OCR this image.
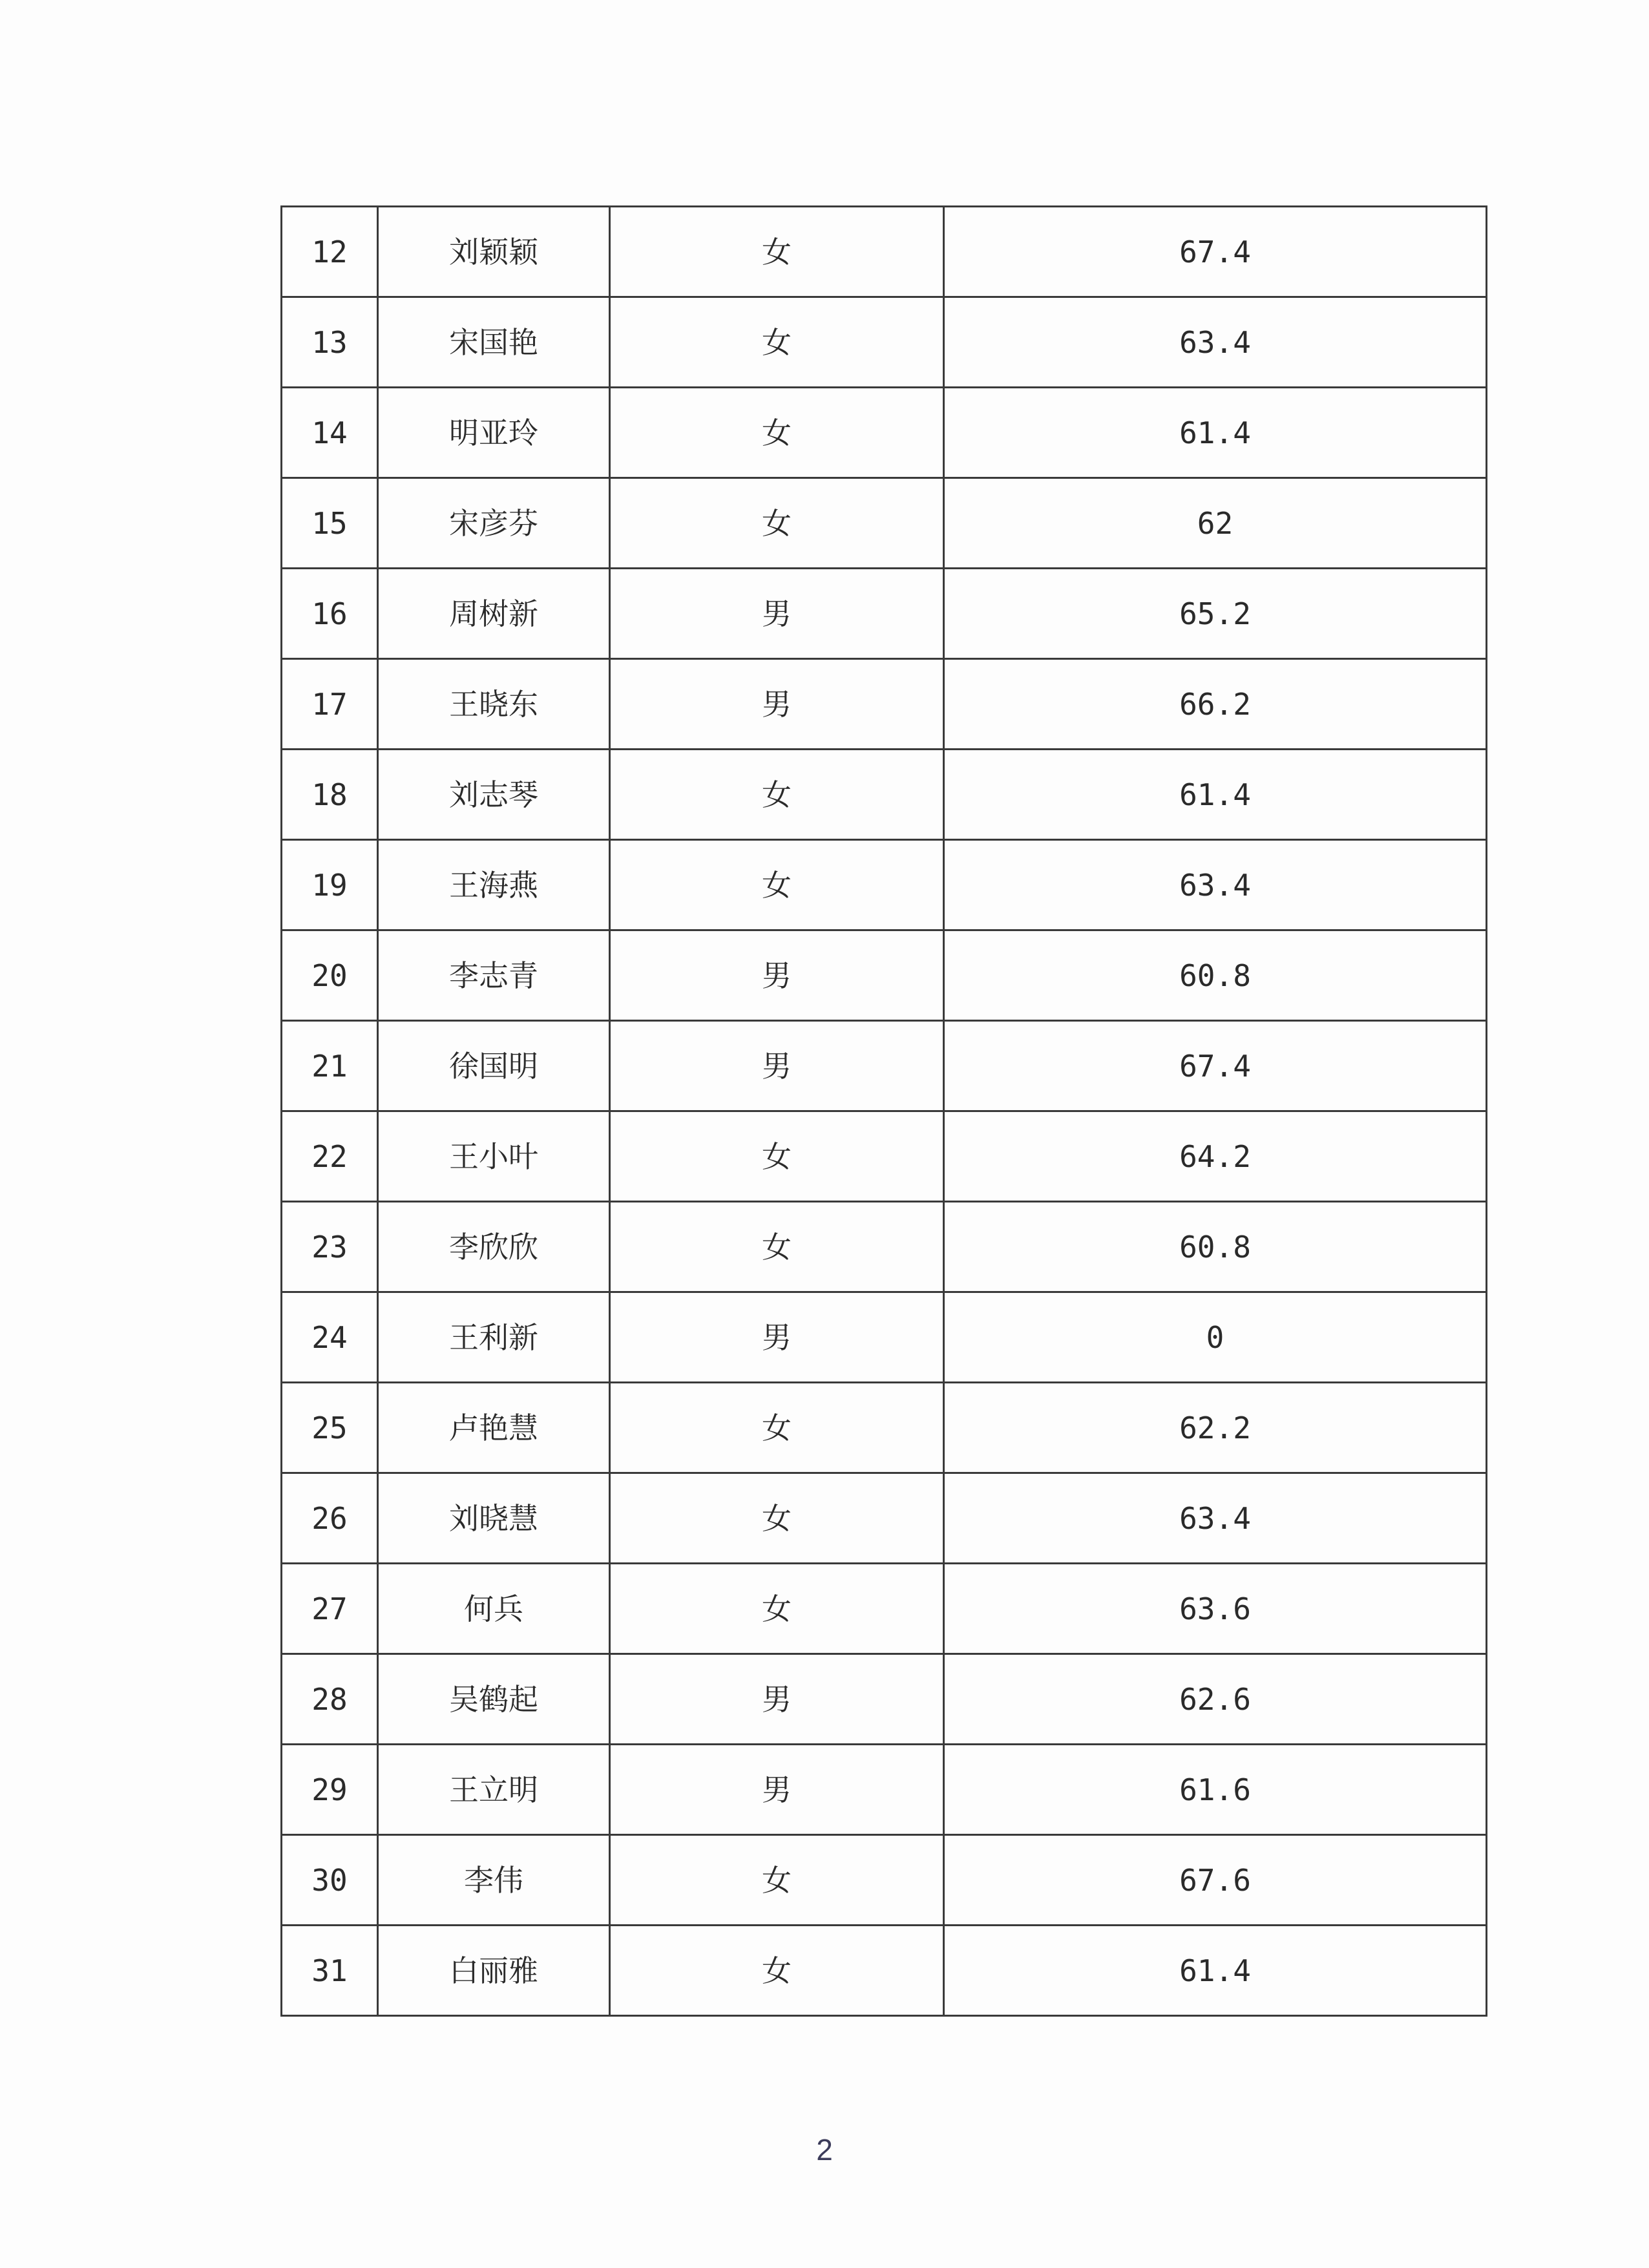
12	刘颖颖	女	67.4
13	宋国艳	女	63.4
14	明亚玲	女	61.4
15	宋彦芬	女	62
16	周树新	男	65.2
17	王晓东	男	66.2
18	刘志琴	女	61.4
19	王海燕	女	63.4
20	李志青	男	60.8
21	徐国明	男	67.4
22	王小叶	女	64.2
23	李欣欣	女	60.8
24	王利新	男	0
25	卢艳慧	女	62.2
26	刘晓慧	女	63.4
27	何兵	女	63.6
28	吴鹤起	男	62.6
29	王立明	男	61.6
30	李伟	女	67.6
31	白丽雅	女	61.4
2
